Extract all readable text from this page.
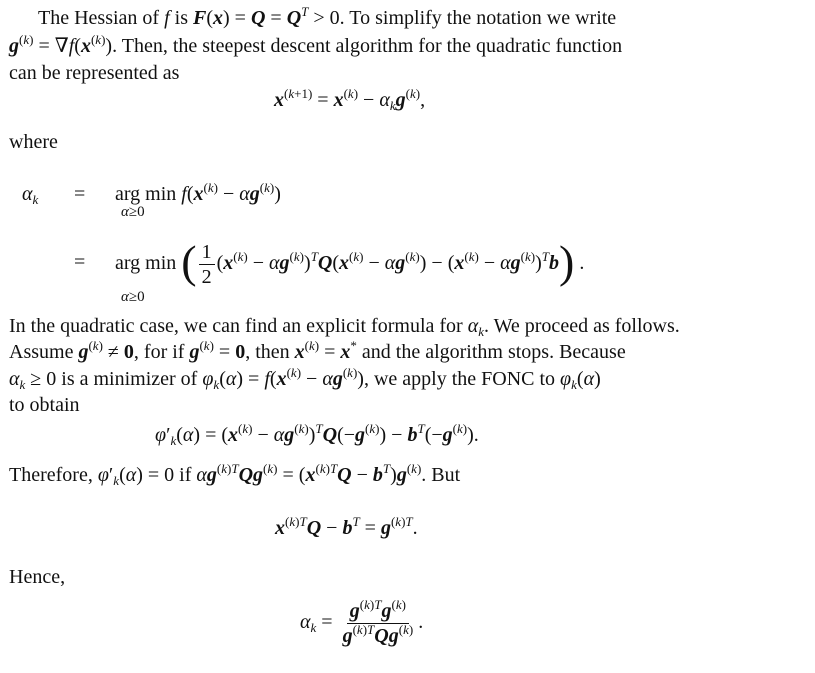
The Hessian of f is $F(x) = Q = Q^T > 0$. To simplify the notation we write
$g^{(k)} = \nabla f(x^{(k)})$. Then, the steepest descent algorithm for the quadratic function
can be represented as
$x^{(k+1)} = x^{(k)} - \alpha_kg^{(k)}$,
where
$\alpha_k$ = arg min
α≥0
$f(x^{(k)} - \alpha g^{(k)})$
= arg min
α≥0
( $\frac{1}{2} (x^{(k)} - \alpha g^{(k)})^TQ(x^{(k)} - \alpha g^{(k)}) - (x^{(k)} - \alpha g^{(k)})^Tb$) .
In the quadratic case, we can find an explicit formula for $\alpha_k$. We proceed as follows.
Assume $g^{(k)} \ne 0$, for if $g^{(k)} = 0$, then $x^{(k)} = x^*$ and the algorithm stops. Because
$\alpha_k \ge 0$ is a minimizer of $\varphi_k(\alpha) = f(x^{(k)} - \alpha g^{(k)})$, we apply the FONC to $\varphi_k(\alpha)$
to obtain
$\varphi'_k(\alpha) = (x^{(k)} - \alpha g^{(k)})^TQ(-g^{(k)}) - b^T(-g^{(k)})$.
Therefore, $\varphi'_k(\alpha) = 0$ if $\alpha g^{(k)T}Qg^{(k)} = (x^{(k)T}Q - b^T)g^{(k)}$. But
$x^{(k)T}Q - b^T = g^{(k)T}$.
Hence,
$\alpha_k = \frac{g^{(k)T}g^{(k)}}{g^{(k)T}Qg^{(k)}}$ .
